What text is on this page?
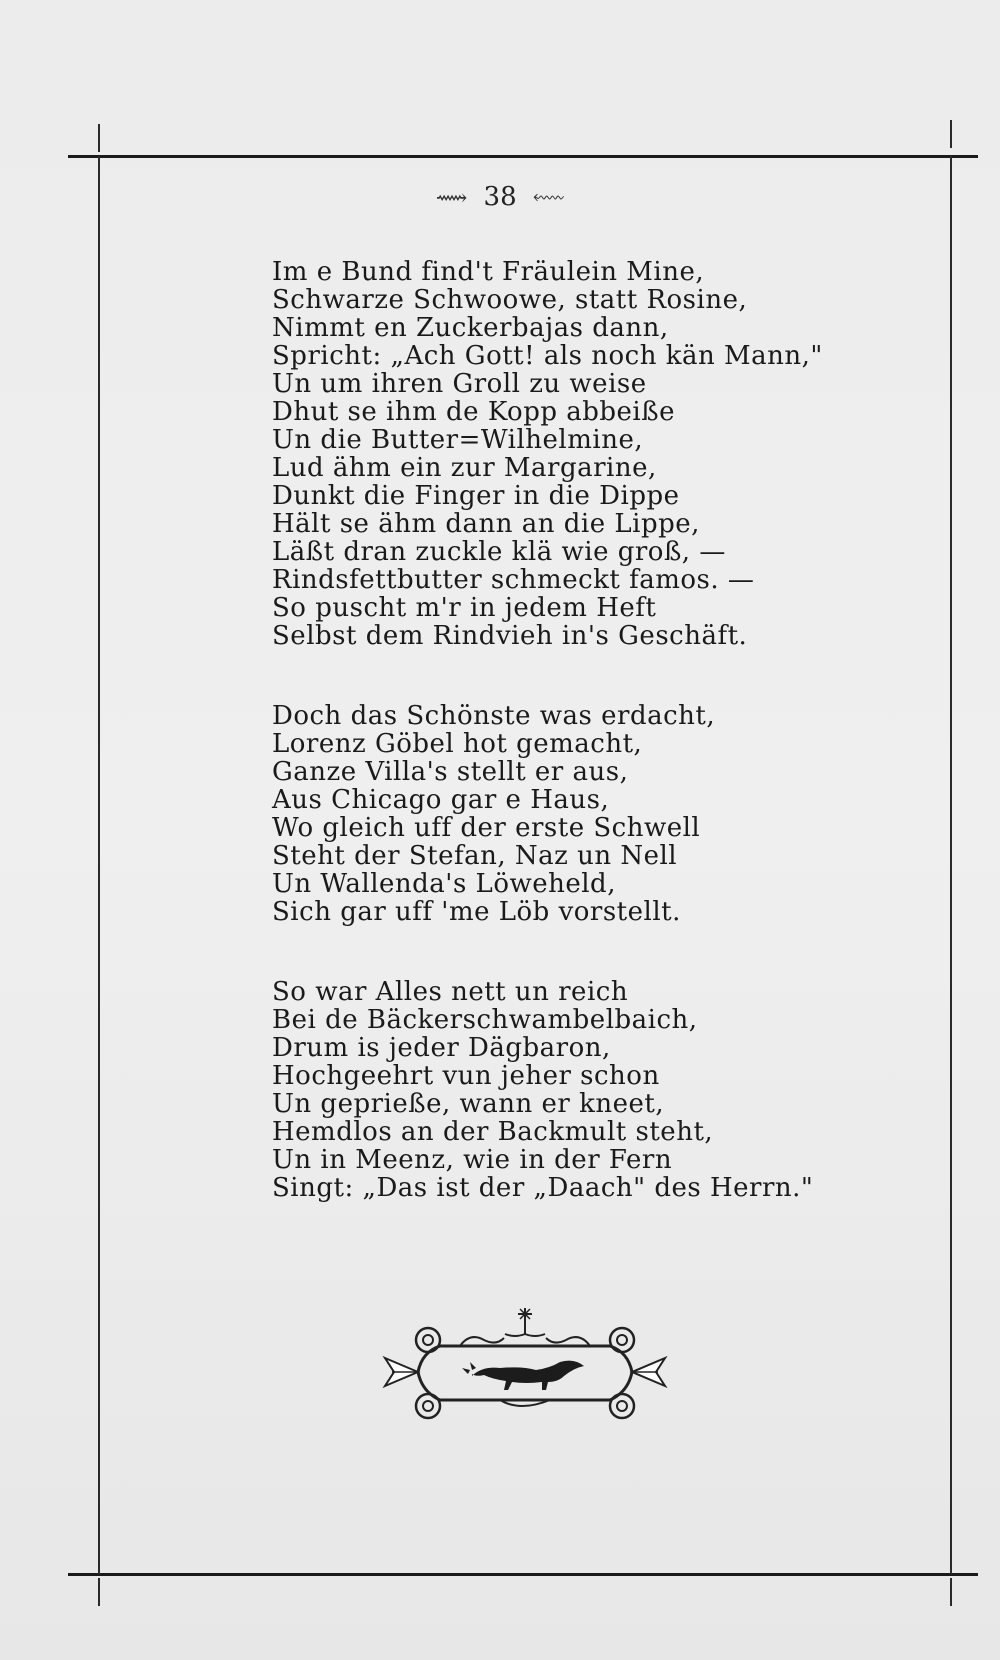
⟿ 38 ⬳
Im e Bund find't Fräulein Mine,
Schwarze Schwoowe, statt Rosine,
Nimmt en Zuckerbajas dann,
Spricht: „Ach Gott! als noch kän Mann,"
Un um ihren Groll zu weise
Dhut se ihm de Kopp abbeiße
Un die Butter=Wilhelmine,
Lud ähm ein zur Margarine,
Dunkt die Finger in die Dippe
Hält se ähm dann an die Lippe,
Läßt dran zuckle klä wie groß, —
Rindsfettbutter schmeckt famos. —
So puscht m'r in jedem Heft
Selbst dem Rindvieh in's Geschäft.
Doch das Schönste was erdacht,
Lorenz Göbel hot gemacht,
Ganze Villa's stellt er aus,
Aus Chicago gar e Haus,
Wo gleich uff der erste Schwell
Steht der Stefan, Naz un Nell
Un Wallenda's Löweheld,
Sich gar uff 'me Löb vorstellt.
So war Alles nett un reich
Bei de Bäckerschwambelbaich,
Drum is jeder Dägbaron,
Hochgeehrt vun jeher schon
Un geprieße, wann er kneet,
Hemdlos an der Backmult steht,
Un in Meenz, wie in der Fern
Singt: „Das ist der „Daach" des Herrn."
